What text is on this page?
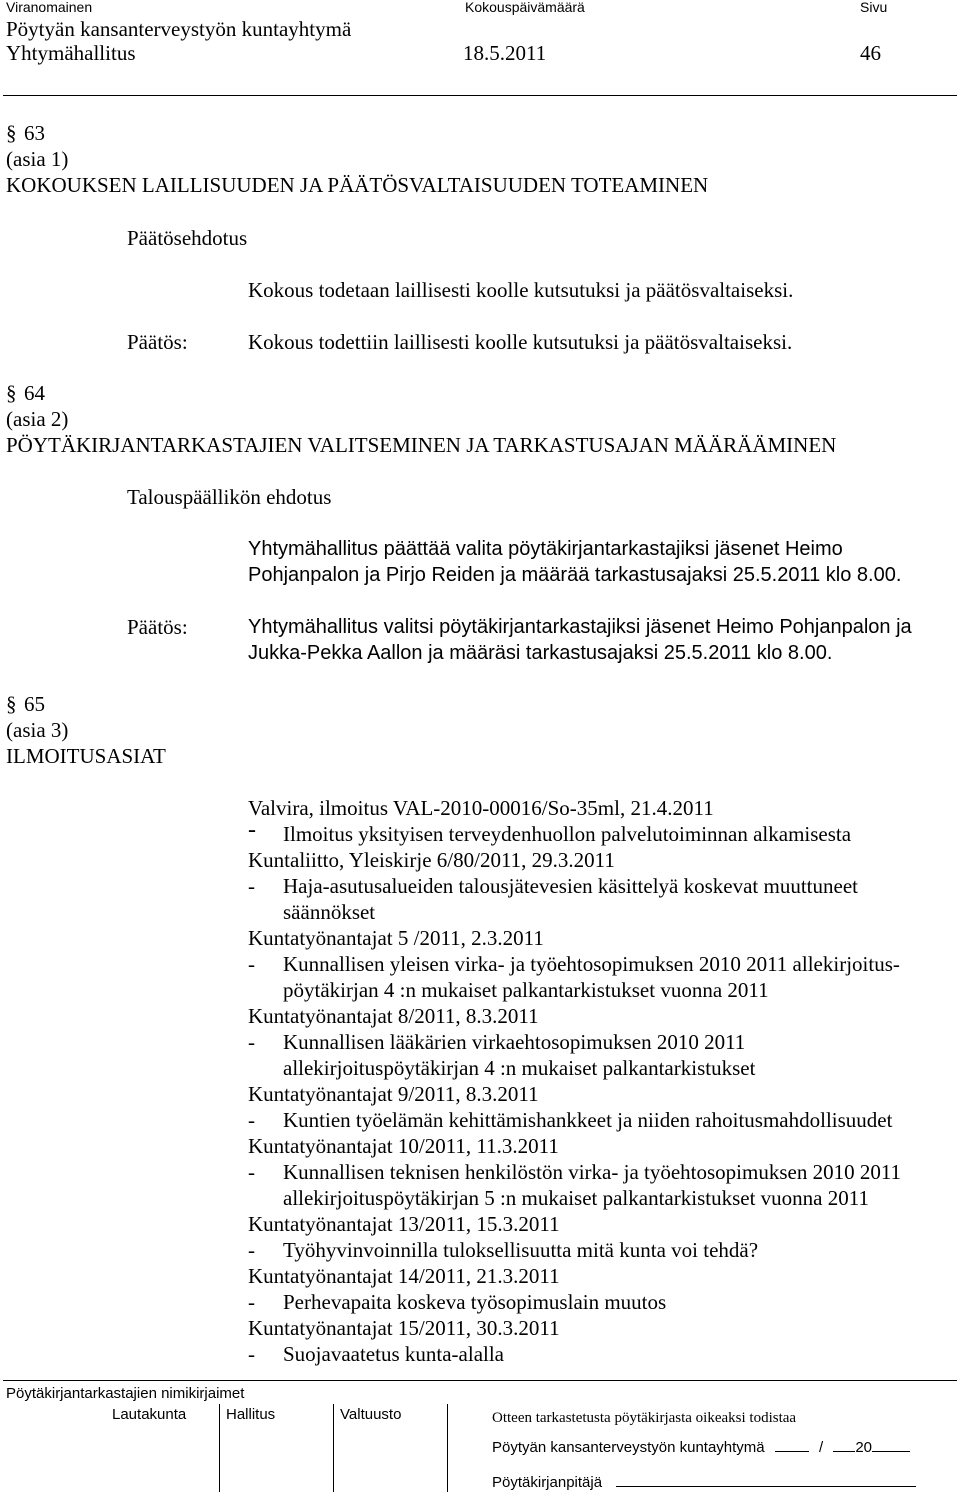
Viranomainen	Kokouspäivämäärä	Sivu
Pöytyän kansanterveystyön kuntayhtymä
Yhtymähallitus	18.5.2011	46
§ 63
(asia 1)
KOKOUKSEN LAILLISUUDEN JA PÄÄTÖSVALTAISUUDEN TOTEAMINEN
Päätösehdotus
Kokous todetaan laillisesti koolle kutsutuksi ja päätösvaltaiseksi.
Päätös:	Kokous todettiin laillisesti koolle kutsutuksi ja päätösvaltaiseksi.
§ 64
(asia 2)
PÖYTÄKIRJANTARKASTAJIEN VALITSEMINEN JA TARKASTUSAJAN MÄÄRÄÄMINEN
Talouspäällikön ehdotus
Yhtymähallitus päättää valita pöytäkirjantarkastajiksi jäsenet Heimo
Pohjanpalon ja Pirjo Reiden ja määrää tarkastusajaksi 25.5.2011 klo 8.00.
Päätös:	Yhtymähallitus valitsi pöytäkirjantarkastajiksi jäsenet Heimo Pohjanpalon ja
Jukka-Pekka Aallon ja määräsi tarkastusajaksi 25.5.2011 klo 8.00.
§ 65
(asia 3)
ILMOITUSASIAT
Valvira, ilmoitus VAL-2010-00016/So-35ml, 21.4.2011
- Ilmoitus yksityisen terveydenhuollon palvelutoiminnan alkamisesta
Kuntaliitto, Yleiskirje 6/80/2011, 29.3.2011
- Haja-asutusalueiden talousjätevesien käsittelyä koskevat muuttuneet
säännökset
Kuntatyönantajat 5 /2011, 2.3.2011
- Kunnallisen yleisen virka- ja työehtosopimuksen 2010 2011 allekirjoitus-
pöytäkirjan 4 :n mukaiset palkantarkistukset vuonna 2011
Kuntatyönantajat 8/2011, 8.3.2011
- Kunnallisen lääkärien virkaehtosopimuksen 2010 2011
allekirjoituspöytäkirjan 4 :n mukaiset palkantarkistukset
Kuntatyönantajat 9/2011, 8.3.2011
- Kuntien työelämän kehittämishankkeet ja niiden rahoitusmahdollisuudet
Kuntatyönantajat 10/2011, 11.3.2011
- Kunnallisen teknisen henkilöstön virka- ja työehtosopimuksen 2010 2011
allekirjoituspöytäkirjan 5 :n mukaiset palkantarkistukset vuonna 2011
Kuntatyönantajat 13/2011, 15.3.2011
- Työhyvinvoinnilla tuloksellisuutta mitä kunta voi tehdä?
Kuntatyönantajat 14/2011, 21.3.2011
- Perhevapaita koskeva työsopimuslain muutos
Kuntatyönantajat 15/2011, 30.3.2011
- Suojavaatetus kunta-alalla
Pöytäkirjantarkastajien nimikirjaimet
Lautakunta	Hallitus	Valtuusto	Otteen tarkastetusta pöytäkirjasta oikeaksi todistaa
Pöytyän kansanterveystyön kuntayhtymä	/ 20
Pöytäkirjanpitäjä
